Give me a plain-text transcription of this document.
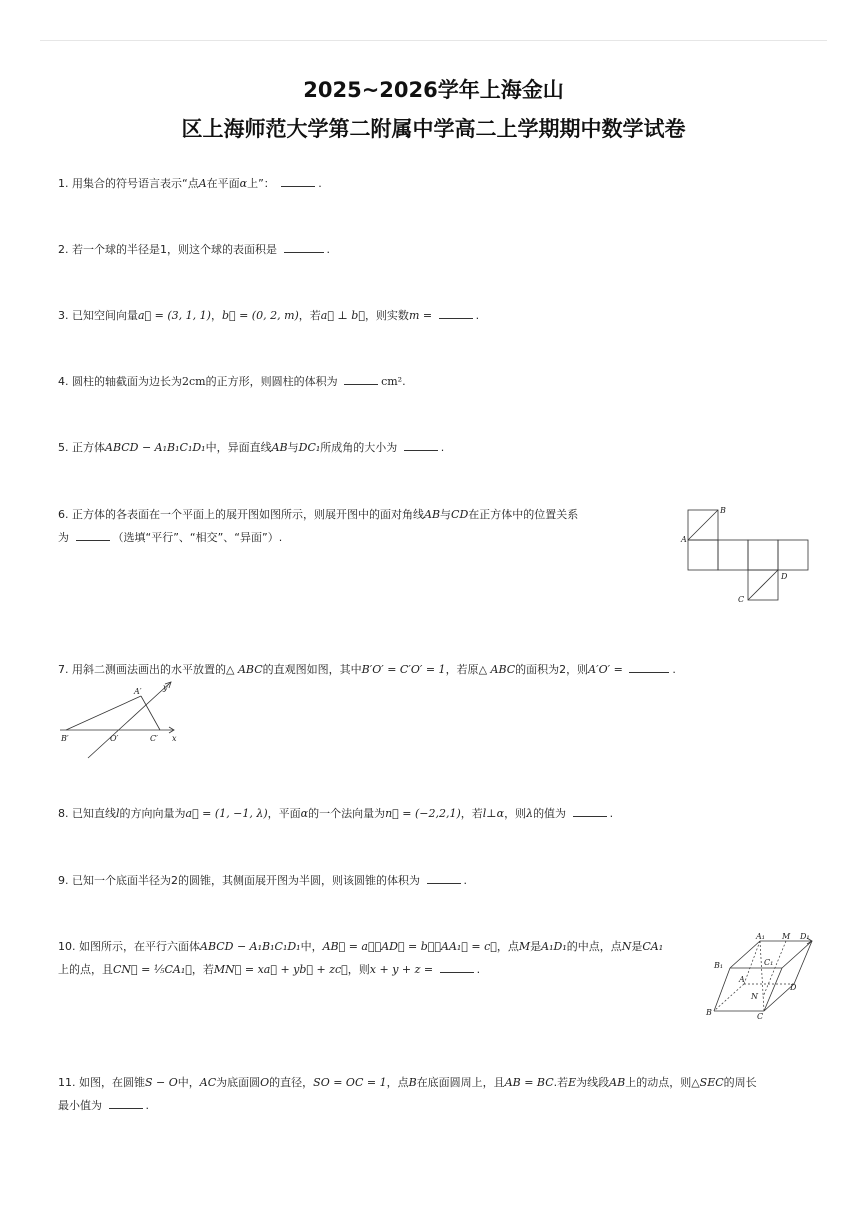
2025~2026学年上海金山
区上海师范大学第二附属中学高二上学期期中数学试卷
1. 用集合的符号语言表示“点A在平面α上”：	.
2. 若一个球的半径是1，则这个球的表面积是	.
3. 已知空间向量a⃗ = (3, 1, 1)，b⃗ = (0, 2, m)，若a⃗ ⊥ b⃗，则实数m =	.
4. 圆柱的轴截面为边长为2cm的正方形，则圆柱的体积为	cm².
5. 正方体ABCD − A₁B₁C₁D₁中，异面直线AB与DC₁所成角的大小为	.
6. 正方体的各表面在一个平面上的展开图如图所示，则展开图中的面对角线AB与CD在正方体中的位置关系
为	（选填“平行”、“相交”、“异面”）.
B
A
D
C
7. 用斜二测画法画出的水平放置的△ ABC的直观图如图，其中B′O′ = C′O′ = 1，若原△ ABC的面积为2，则A′O′ =	.
A′	y′
B′	O′	C′ x
8. 已知直线l的方向向量为a⃗ = (1, −1, λ)，平面α的一个法向量为n⃗ = (−2,2,1)，若l⊥α，则λ的值为	.
9. 已知一个底面半径为2的圆锥，其侧面展开图为半圆，则该圆锥的体积为	.
10. 如图所示，在平行六面体ABCD − A₁B₁C₁D₁中，AB⃗ = a⃗，AD⃗ = b⃗，AA₁⃗ = c⃗，点M是A₁D₁的中点，点N是CA₁
上的点，且CN⃗ = ⅕CA₁⃗，若MN⃗ = xa⃗ + yb⃗ + zc⃗，则x + y + z =	.
A₁ M D₁
B₁	C₁
A
N
D
B	C
11. 如图，在圆锥S − O中，AC为底面圆O的直径，SO = OC = 1，点B在底面圆周上，且AB = BC.若E为线段AB上的动点，则△SEC的周长
最小值为	.
